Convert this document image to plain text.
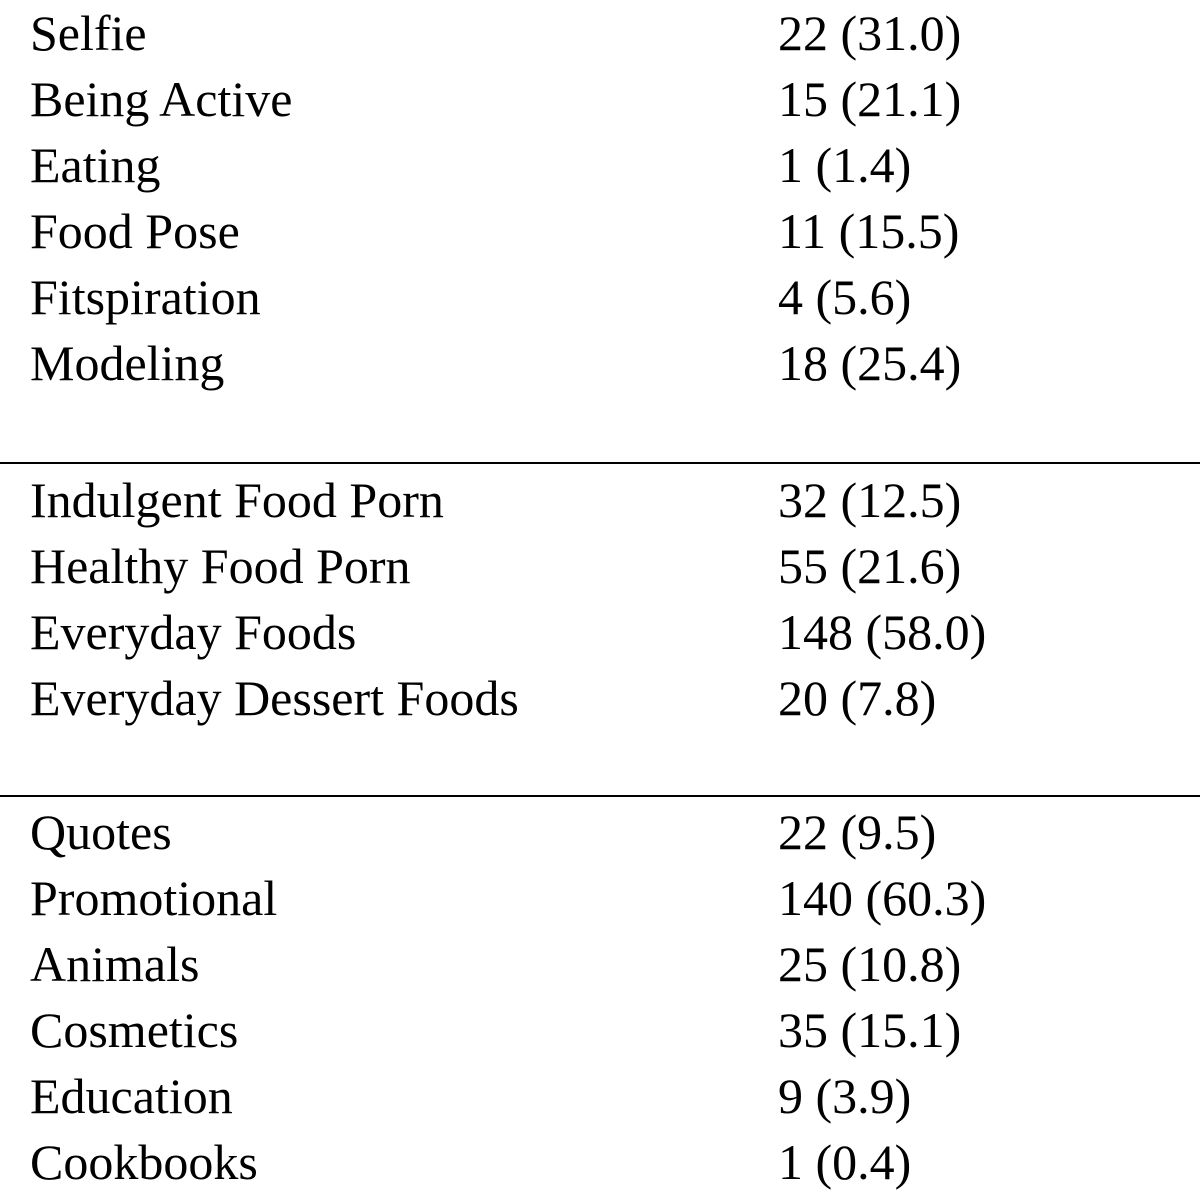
Selfie	22 (31.0)
Being Active	15 (21.1)
Eating	1 (1.4)
Food Pose	11 (15.5)
Fitspiration	4 (5.6)
Modeling	18 (25.4)
Indulgent Food Porn	32 (12.5)
Healthy Food Porn	55 (21.6)
Everyday Foods	148 (58.0)
Everyday Dessert Foods	20 (7.8)
Quotes	22 (9.5)
Promotional	140 (60.3)
Animals	25 (10.8)
Cosmetics	35 (15.1)
Education	9 (3.9)
Cookbooks	1 (0.4)
